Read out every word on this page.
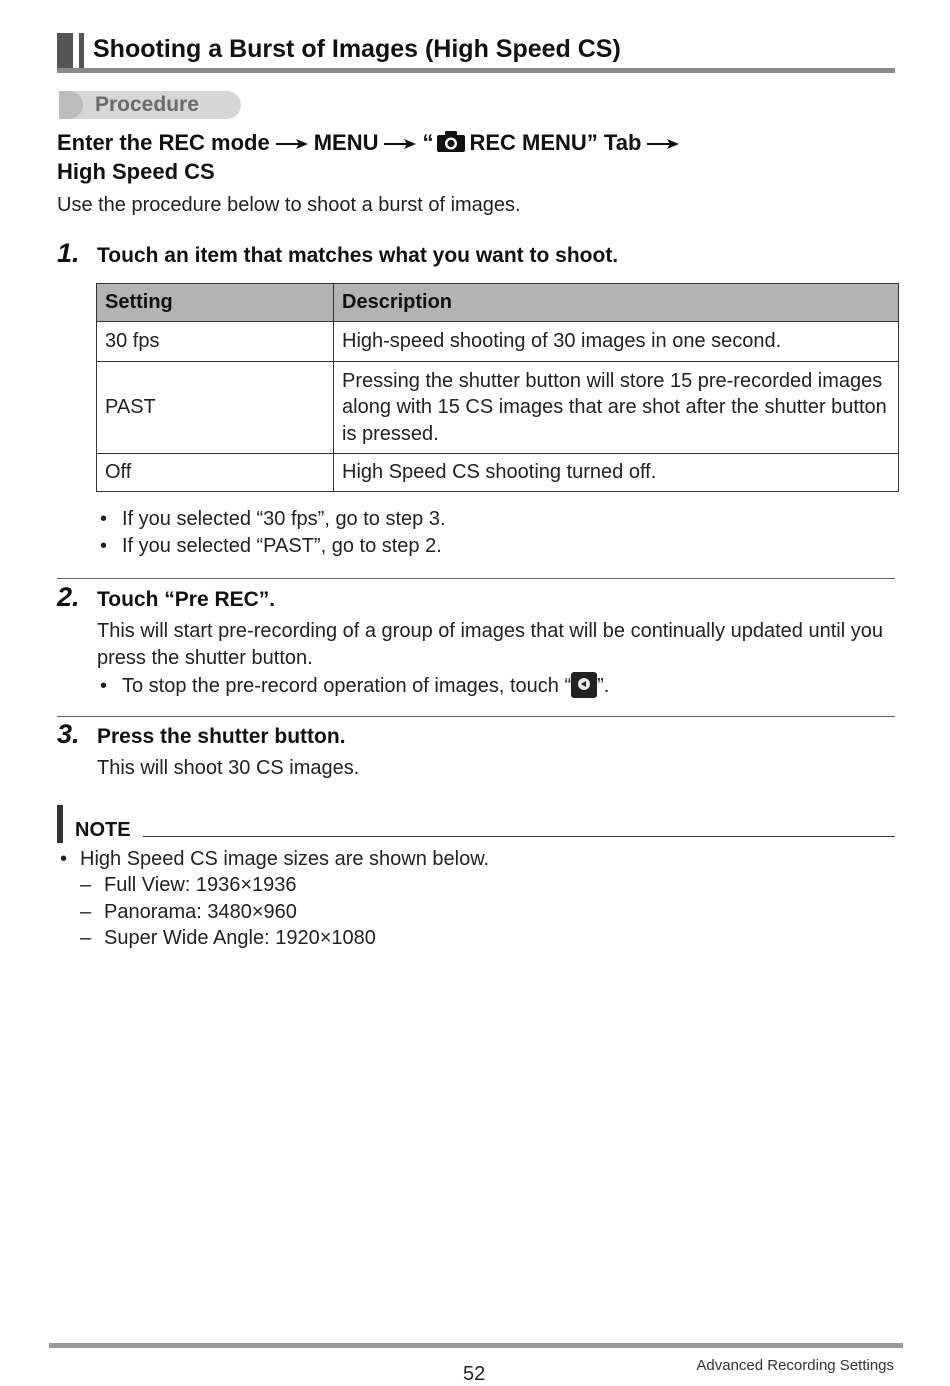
Shooting a Burst of Images (High Speed CS)
Procedure
Enter the REC mode MENU “ REC MENU” Tab
High Speed CS
Use the procedure below to shoot a burst of images.
1. Touch an item that matches what you want to shoot.
Setting	Description
30 fps	High-speed shooting of 30 images in one second.
PAST	Pressing the shutter button will store 15 pre-recorded images along with 15 CS images that are shot after the shutter button is pressed.
Off	High Speed CS shooting turned off.
• If you selected “30 fps”, go to step 3.
• If you selected “PAST”, go to step 2.
2. Touch “Pre REC”.
This will start pre-recording of a group of images that will be continually updated until you press the shutter button.
• To stop the pre-record operation of images, touch “ ”.
3. Press the shutter button.
This will shoot 30 CS images.
NOTE
• High Speed CS image sizes are shown below.
– Full View: 1936×1936
– Panorama: 3480×960
– Super Wide Angle: 1920×1080
52	Advanced Recording Settings
